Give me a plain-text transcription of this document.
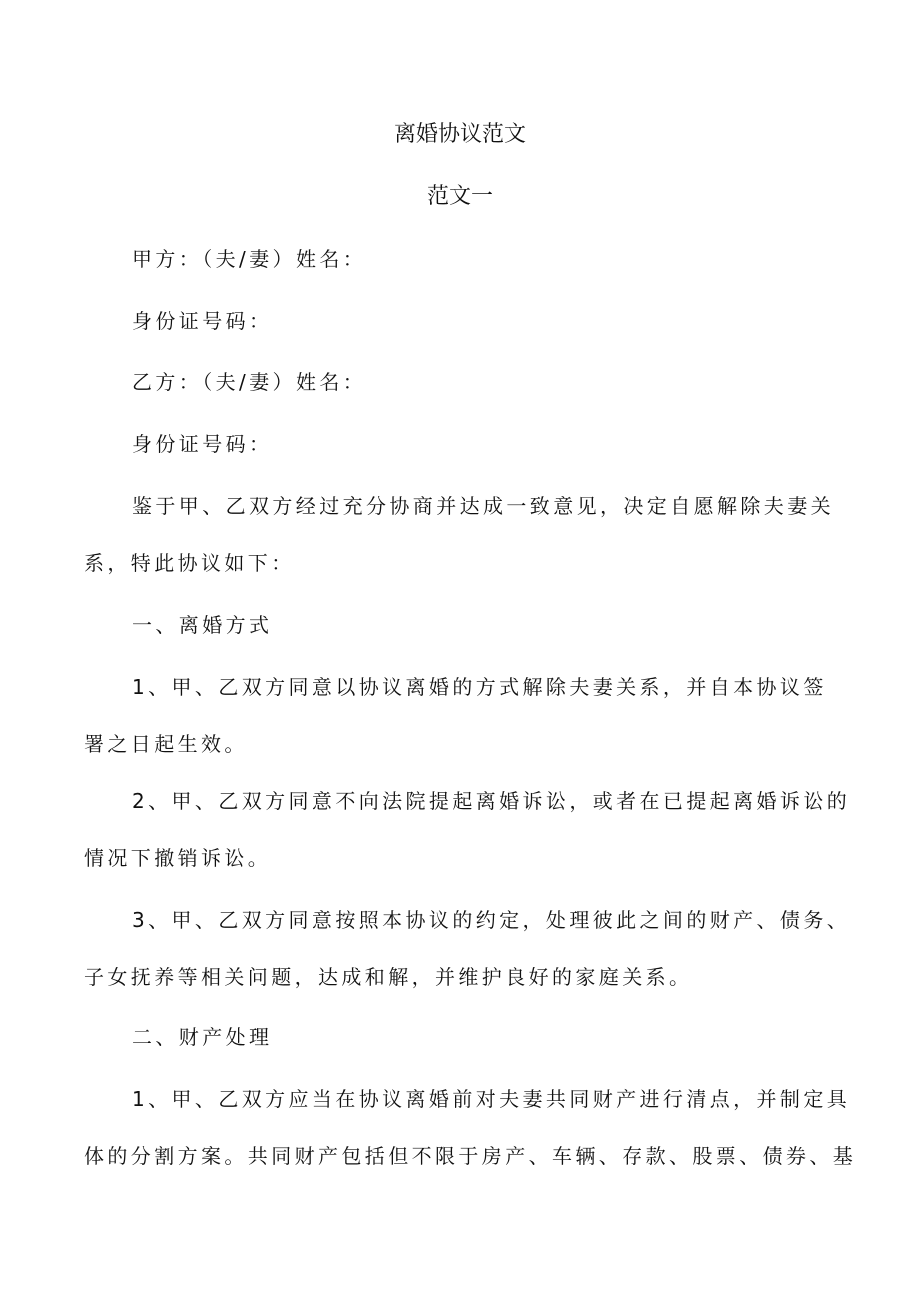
离婚协议范文
范文一

甲方：（夫/妻）姓名：

身份证号码：

乙方：（夫/妻）姓名：

身份证号码：

鉴于甲、乙双方经过充分协商并达成一致意见，决定自愿解除夫妻关

系，特此协议如下：

一、离婚方式

1、甲、乙双方同意以协议离婚的方式解除夫妻关系，并自本协议签

署之日起生效。

2、甲、乙双方同意不向法院提起离婚诉讼，或者在已提起离婚诉讼的

情况下撤销诉讼。

3、甲、乙双方同意按照本协议的约定，处理彼此之间的财产、债务、

子女抚养等相关问题，达成和解，并维护良好的家庭关系。

二、财产处理

1、甲、乙双方应当在协议离婚前对夫妻共同财产进行清点，并制定具

体的分割方案。共同财产包括但不限于房产、车辆、存款、股票、债券、基
